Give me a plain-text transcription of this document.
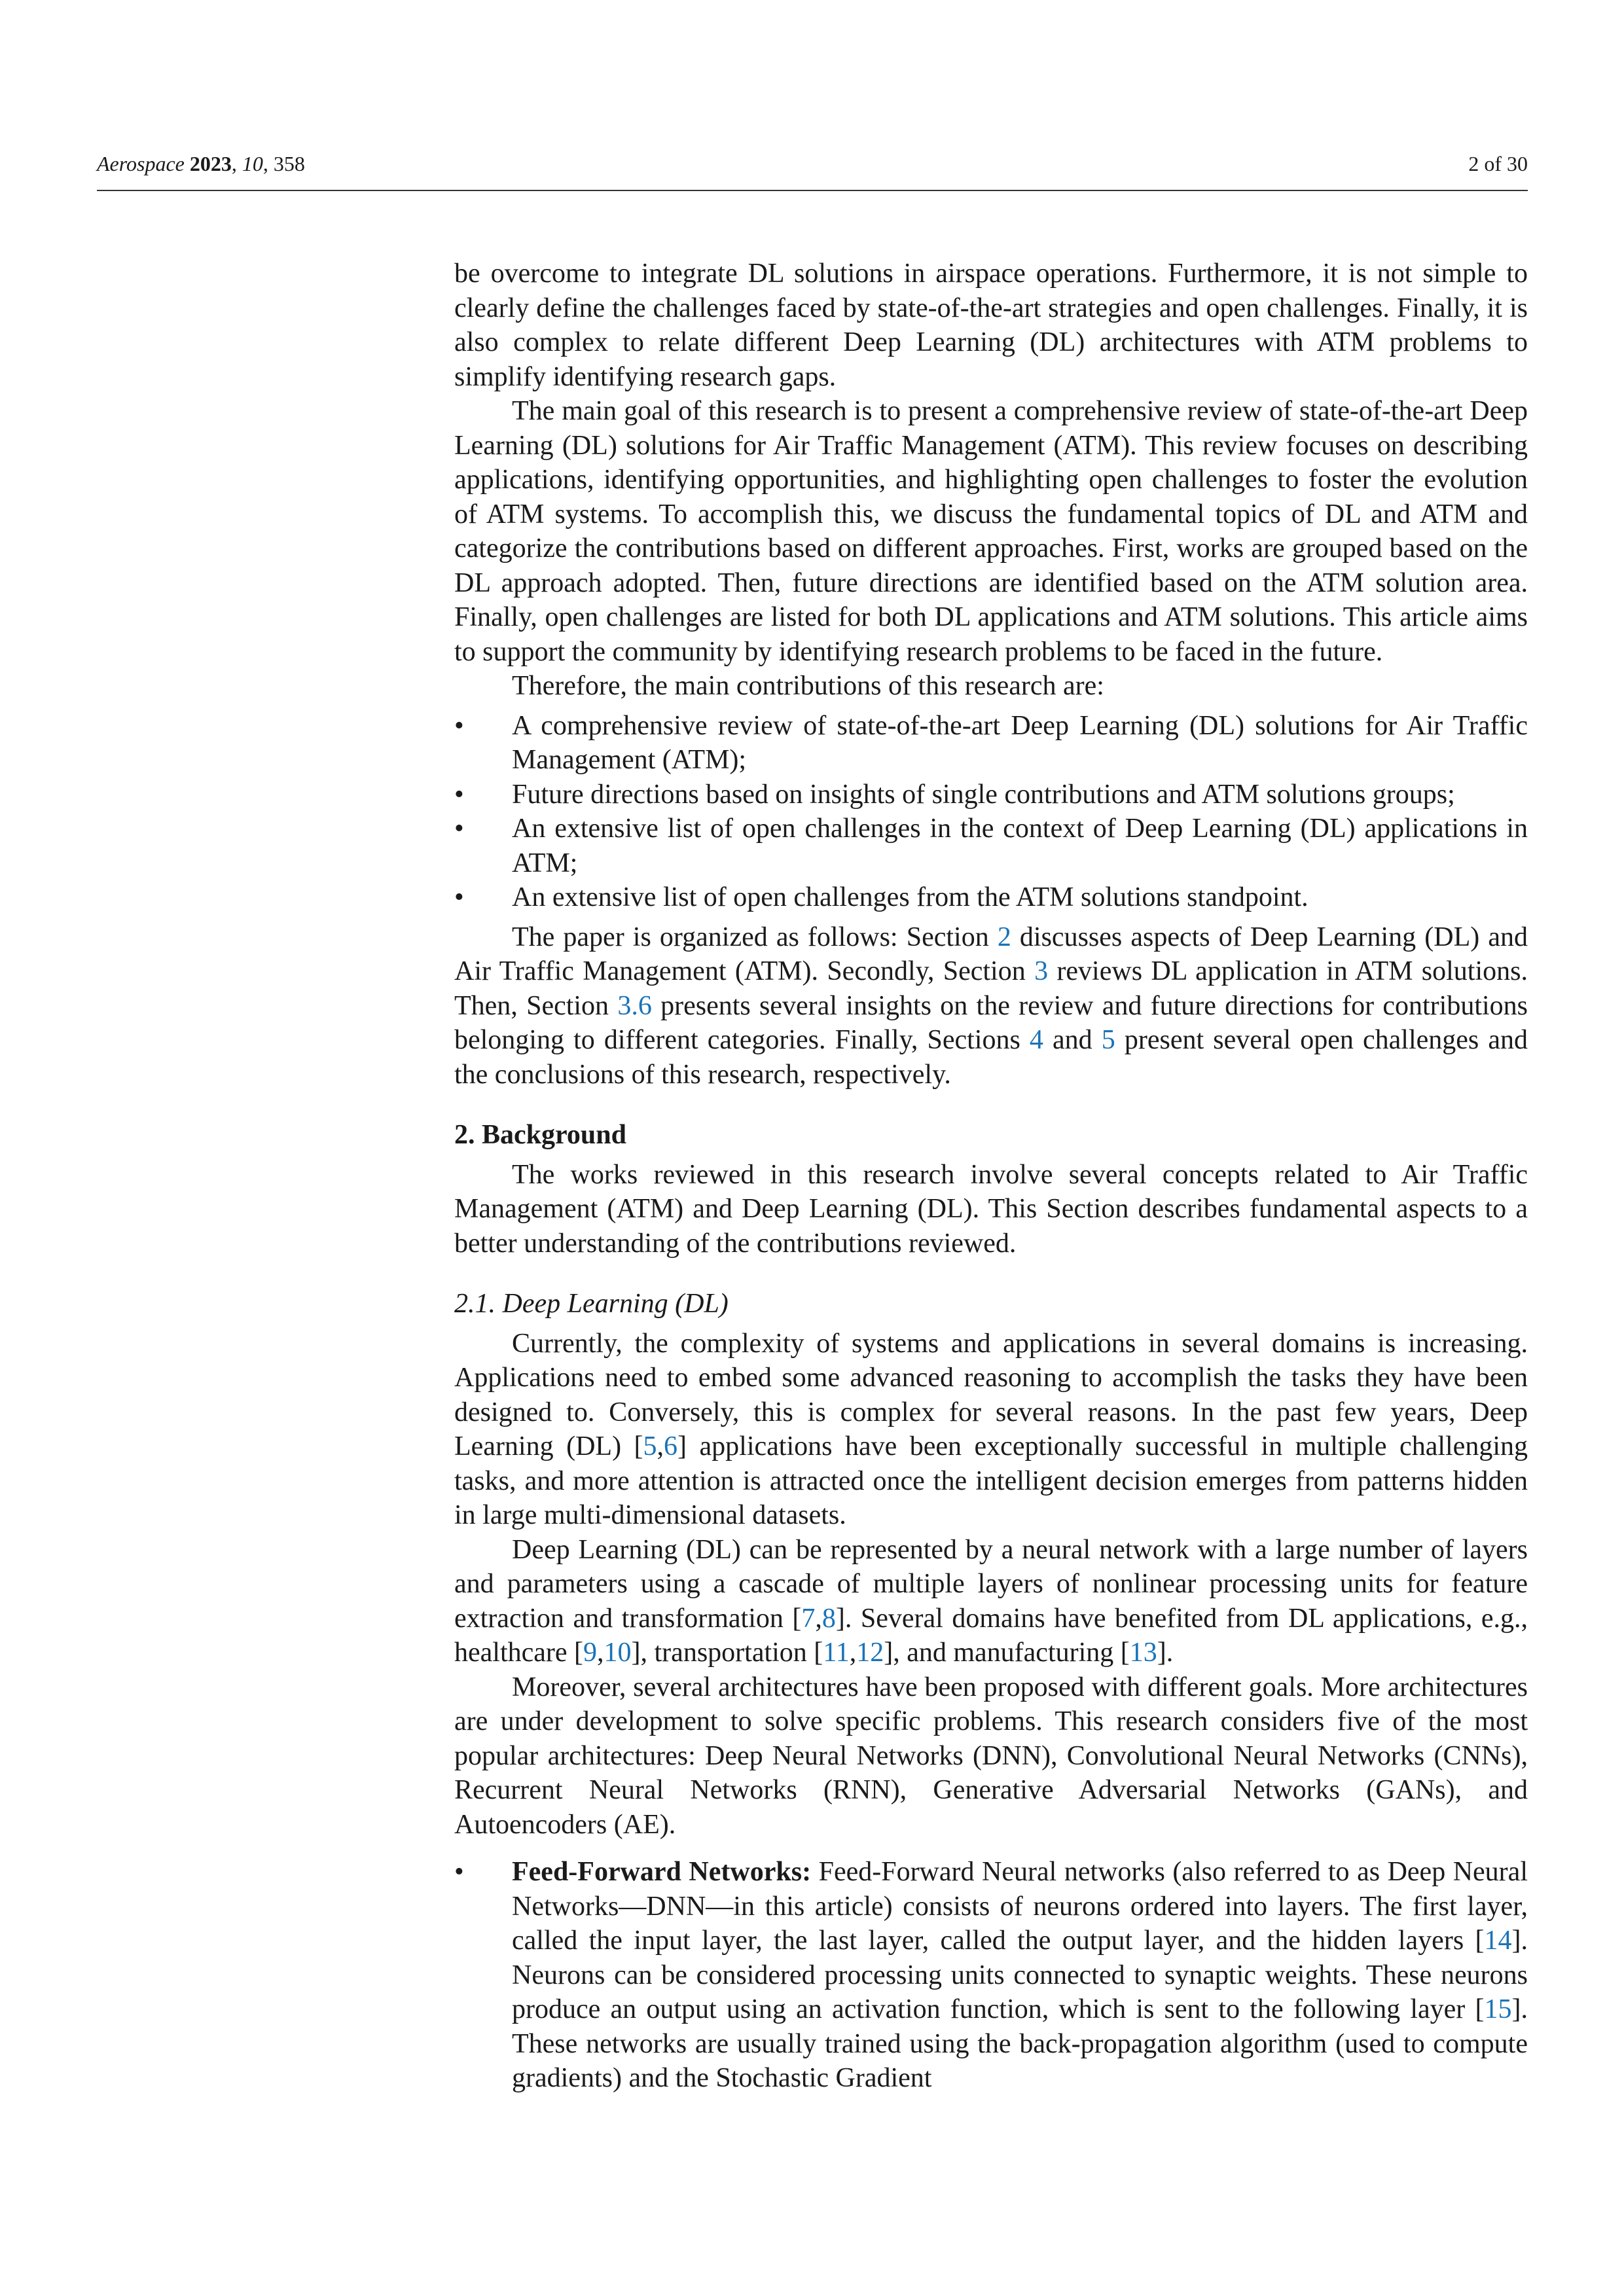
Aerospace 2023, 10, 358	2 of 30

be overcome to integrate DL solutions in airspace operations. Furthermore, it is not simple to clearly define the challenges faced by state-of-the-art strategies and open challenges. Finally, it is also complex to relate different Deep Learning (DL) architectures with ATM problems to simplify identifying research gaps.

The main goal of this research is to present a comprehensive review of state-of-the-art Deep Learning (DL) solutions for Air Traffic Management (ATM). This review focuses on describing applications, identifying opportunities, and highlighting open challenges to foster the evolution of ATM systems. To accomplish this, we discuss the fundamental topics of DL and ATM and categorize the contributions based on different approaches. First, works are grouped based on the DL approach adopted. Then, future directions are identified based on the ATM solution area. Finally, open challenges are listed for both DL applications and ATM solutions. This article aims to support the community by identifying research problems to be faced in the future.

Therefore, the main contributions of this research are:

•	A comprehensive review of state-of-the-art Deep Learning (DL) solutions for Air Traffic Management (ATM);
•	Future directions based on insights of single contributions and ATM solutions groups;
•	An extensive list of open challenges in the context of Deep Learning (DL) applications in ATM;
•	An extensive list of open challenges from the ATM solutions standpoint.

The paper is organized as follows: Section 2 discusses aspects of Deep Learning (DL) and Air Traffic Management (ATM). Secondly, Section 3 reviews DL application in ATM solutions. Then, Section 3.6 presents several insights on the review and future directions for contributions belonging to different categories. Finally, Sections 4 and 5 present several open challenges and the conclusions of this research, respectively.

2. Background

The works reviewed in this research involve several concepts related to Air Traffic Management (ATM) and Deep Learning (DL). This Section describes fundamental aspects to a better understanding of the contributions reviewed.

2.1. Deep Learning (DL)

Currently, the complexity of systems and applications in several domains is increasing. Applications need to embed some advanced reasoning to accomplish the tasks they have been designed to. Conversely, this is complex for several reasons. In the past few years, Deep Learning (DL) [5,6] applications have been exceptionally successful in multiple challenging tasks, and more attention is attracted once the intelligent decision emerges from patterns hidden in large multi-dimensional datasets.

Deep Learning (DL) can be represented by a neural network with a large number of layers and parameters using a cascade of multiple layers of nonlinear processing units for feature extraction and transformation [7,8]. Several domains have benefited from DL applications, e.g., healthcare [9,10], transportation [11,12], and manufacturing [13].

Moreover, several architectures have been proposed with different goals. More architectures are under development to solve specific problems. This research considers five of the most popular architectures: Deep Neural Networks (DNN), Convolutional Neural Networks (CNNs), Recurrent Neural Networks (RNN), Generative Adversarial Networks (GANs), and Autoencoders (AE).

•	Feed-Forward Networks: Feed-Forward Neural networks (also referred to as Deep Neural Networks—DNN—in this article) consists of neurons ordered into layers. The first layer, called the input layer, the last layer, called the output layer, and the hidden layers [14]. Neurons can be considered processing units connected to synaptic weights. These neurons produce an output using an activation function, which is sent to the following layer [15]. These networks are usually trained using the back-propagation algorithm (used to compute gradients) and the Stochastic Gradient
